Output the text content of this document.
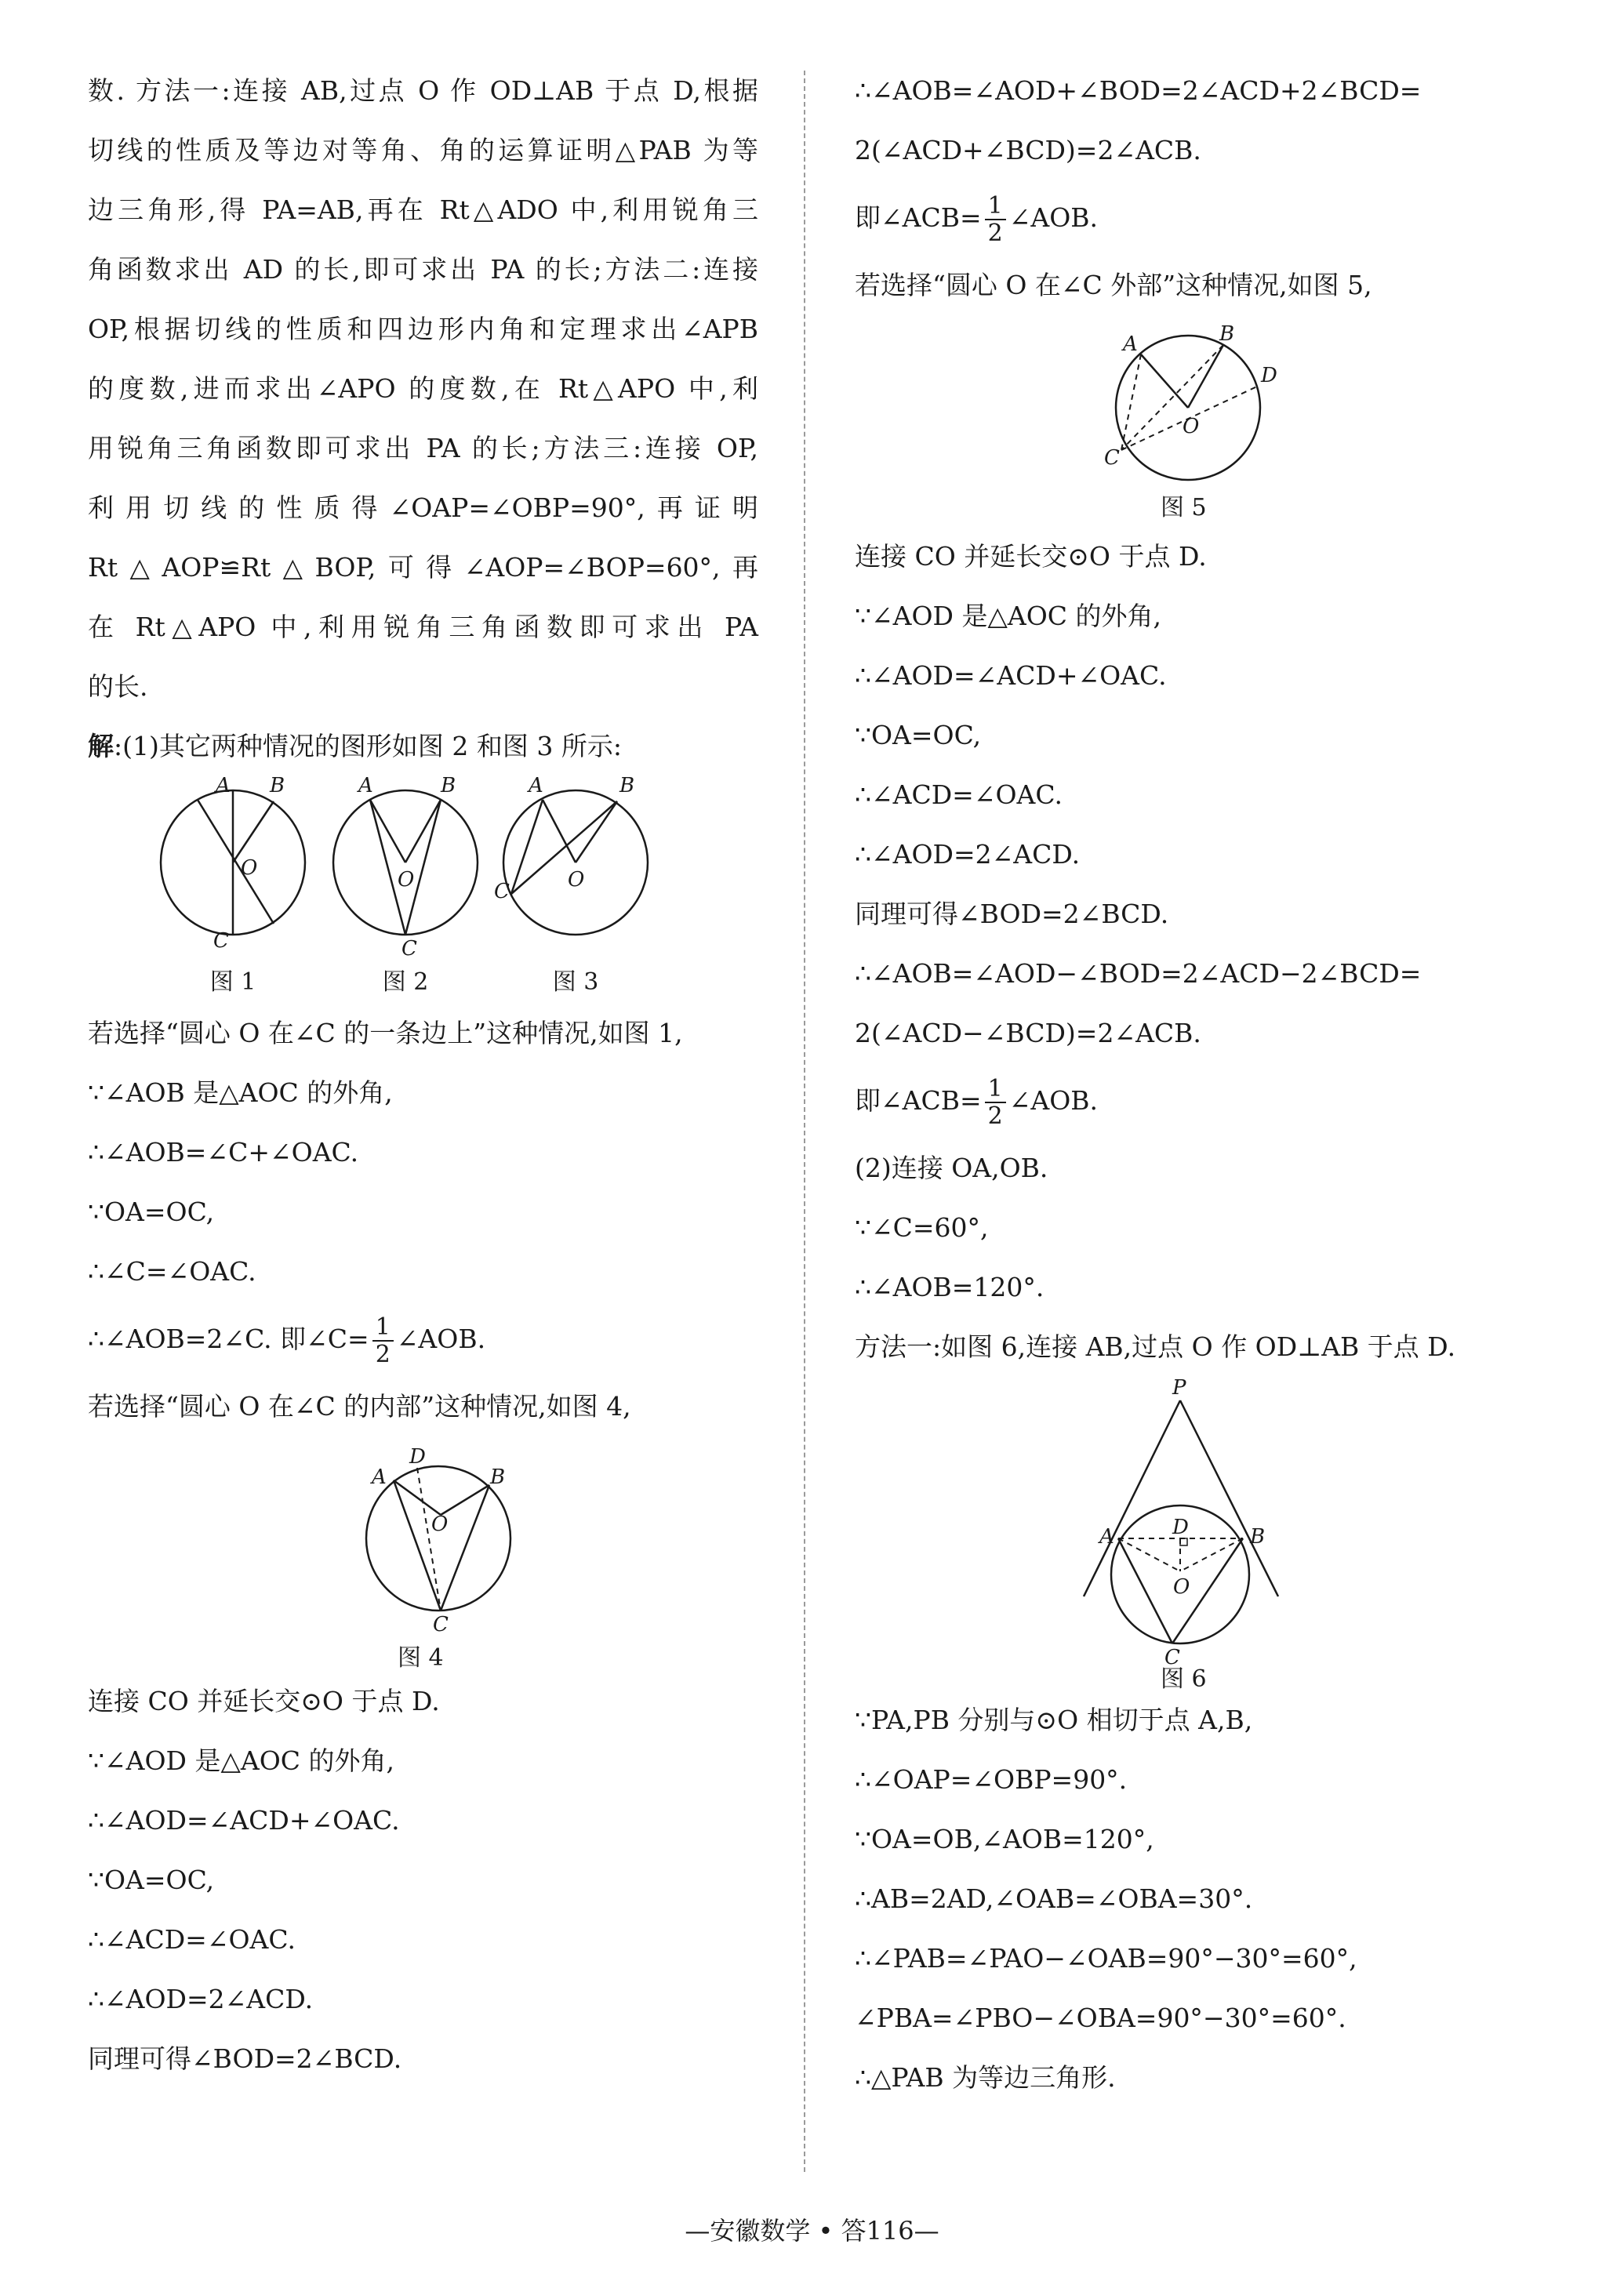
数. 方法一:连接 AB,过点 O 作 OD⊥AB 于点 D,根据
切线的性质及等边对等角、角的运算证明△PAB 为等
边三角形,得 PA=AB,再在 Rt△ADO 中,利用锐角三
角函数求出 AD 的长,即可求出 PA 的长;方法二:连接
OP,根据切线的性质和四边形内角和定理求出∠APB
的度数,进而求出∠APO 的度数,在 Rt△APO 中,利
用锐角三角函数即可求出 PA 的长;方法三:连接 OP,
利用切线的性质得∠OAP=∠OBP=90°,再证明
Rt△AOP≌Rt△BOP,可得∠AOP=∠BOP=60°,再
在 Rt△APO 中,利用锐角三角函数即可求出 PA
的长.
解:(1)其它两种情况的图形如图 2 和图 3 所示:
A B
O
C
A	B
O
C
A	B
O
C
图 1	图 2	图 3
若选择“圆心 O 在∠C 的一条边上”这种情况,如图 1,
∵∠AOB 是△AOC 的外角,
∴∠AOB=∠C+∠OAC.
∵OA=OC,
∴∠C=∠OAC.
∴∠AOB=2∠C. 即∠C= $\frac{1}{2}$ ∠AOB.
若选择“圆心 O 在∠C 的内部”这种情况,如图 4,
A
D
B
O
C
图 4
连接 CO 并延长交⊙O 于点 D.
∵∠AOD 是△AOC 的外角,
∴∠AOD=∠ACD+∠OAC.
∵OA=OC,
∴∠ACD=∠OAC.
∴∠AOD=2∠ACD.
同理可得∠BOD=2∠BCD.
∴∠AOB=∠AOD+∠BOD=2∠ACD+2∠BCD=
2(∠ACD+∠BCD)=2∠ACB.
即∠ACB= $\frac{1}{2}$ ∠AOB.
若选择“圆心 O 在∠C 外部”这种情况,如图 5,
A	B
D
O
C
图 5
连接 CO 并延长交⊙O 于点 D.
∵∠AOD 是△AOC 的外角,
∴∠AOD=∠ACD+∠OAC.
∵OA=OC,
∴∠ACD=∠OAC.
∴∠AOD=2∠ACD.
同理可得∠BOD=2∠BCD.
∴∠AOB=∠AOD−∠BOD=2∠ACD−2∠BCD=
2(∠ACD−∠BCD)=2∠ACB.
即∠ACB= $\frac{1}{2}$ ∠AOB.
(2)连接 OA,OB.
∵∠C=60°,
∴∠AOB=120°.
方法一:如图 6,连接 AB,过点 O 作 OD⊥AB 于点 D.
P
A	B
D
O
C
图 6
∵PA,PB 分别与⊙O 相切于点 A,B,
∴∠OAP=∠OBP=90°.
∵OA=OB,∠AOB=120°,
∴AB=2AD,∠OAB=∠OBA=30°.
∴∠PAB=∠PAO−∠OAB=90°−30°=60°,
∠PBA=∠PBO−∠OBA=90°−30°=60°.
∴△PAB 为等边三角形.
—安徽数学 • 答116—
